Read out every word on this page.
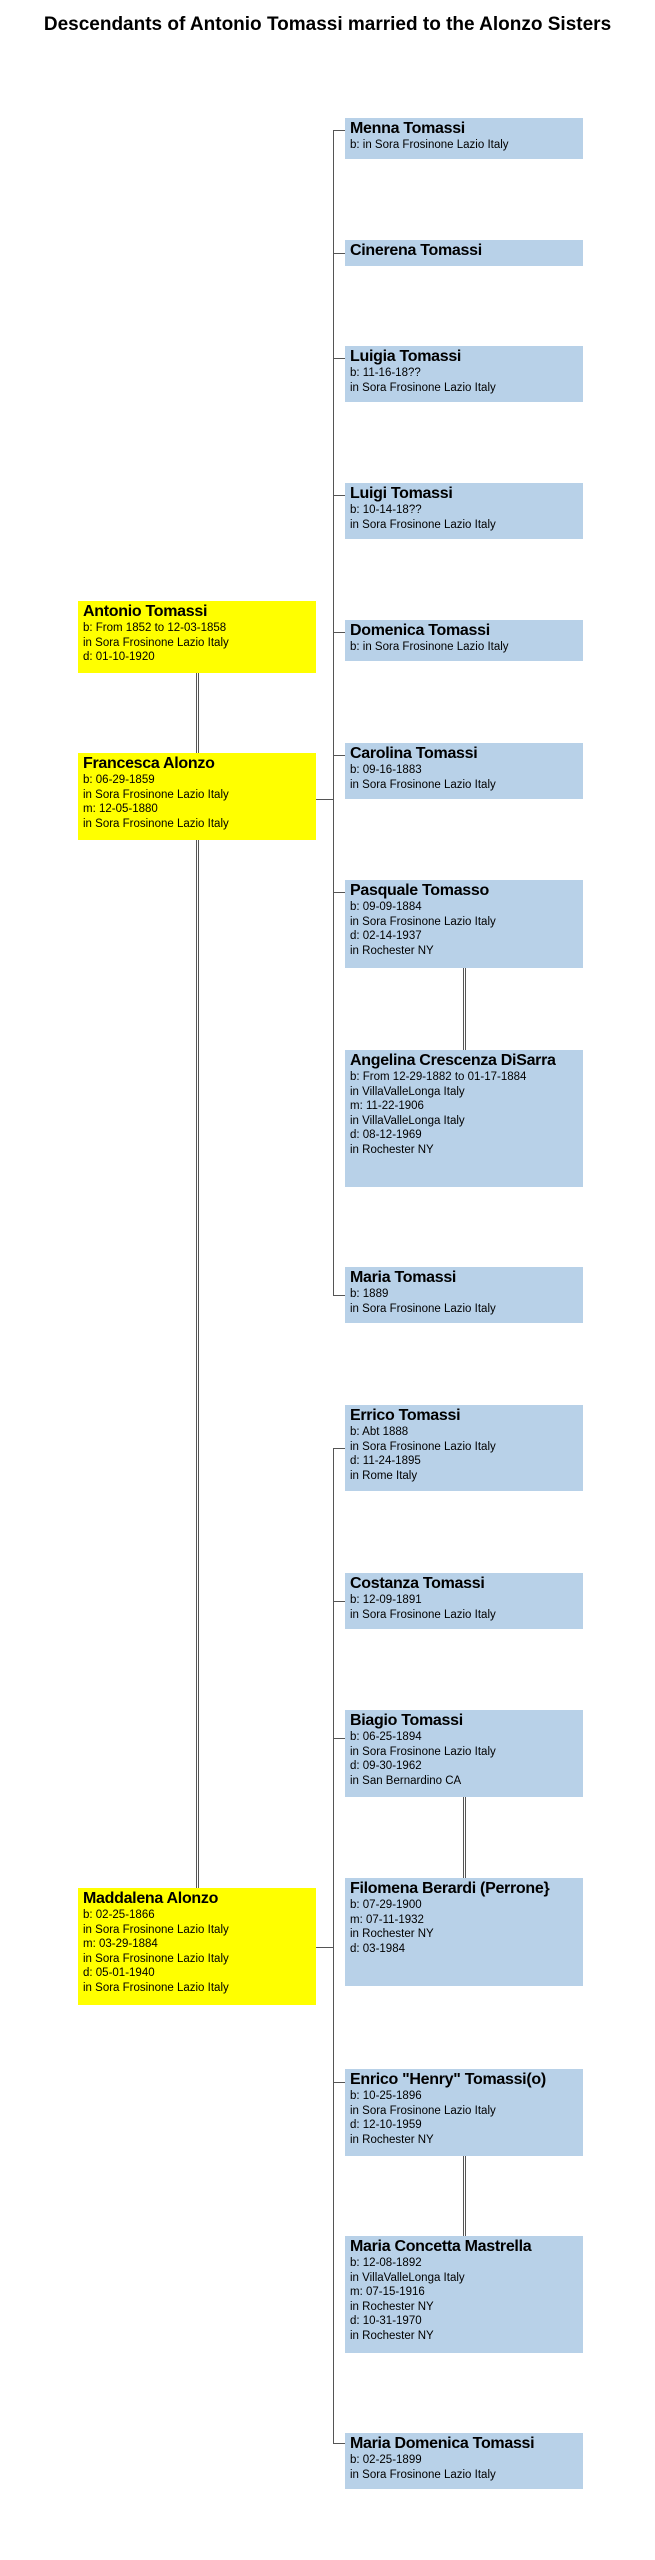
Descendants of Antonio Tomassi married to the Alonzo Sisters
Antonio Tomassi
b: From 1852 to 12-03-1858
in Sora Frosinone Lazio Italy
d: 01-10-1920
Francesca Alonzo
b: 06-29-1859
in Sora Frosinone Lazio Italy
m: 12-05-1880
in Sora Frosinone Lazio Italy
Maddalena Alonzo
b: 02-25-1866
in Sora Frosinone Lazio Italy
m: 03-29-1884
in Sora Frosinone Lazio Italy
d: 05-01-1940
in Sora Frosinone Lazio Italy
Menna Tomassi
b: in Sora Frosinone Lazio Italy
Cinerena Tomassi
Luigia Tomassi
b: 11-16-18??
in Sora Frosinone Lazio Italy
Luigi Tomassi
b: 10-14-18??
in Sora Frosinone Lazio Italy
Domenica Tomassi
b: in Sora Frosinone Lazio Italy
Carolina Tomassi
b: 09-16-1883
in Sora Frosinone Lazio Italy
Pasquale Tomasso
b: 09-09-1884
in Sora Frosinone Lazio Italy
d: 02-14-1937
in Rochester NY
Angelina Crescenza DiSarra
b: From 12-29-1882 to 01-17-1884
in VillaValleLonga Italy
m: 11-22-1906
in VillaValleLonga Italy
d: 08-12-1969
in Rochester NY
Maria Tomassi
b: 1889
in Sora Frosinone Lazio Italy
Errico Tomassi
b: Abt 1888
in Sora Frosinone Lazio Italy
d: 11-24-1895
in Rome Italy
Costanza Tomassi
b: 12-09-1891
in Sora Frosinone Lazio Italy
Biagio Tomassi
b: 06-25-1894
in Sora Frosinone Lazio Italy
d: 09-30-1962
in San Bernardino CA
Filomena Berardi (Perrone}
b: 07-29-1900
m: 07-11-1932
in Rochester NY
d: 03-1984
Enrico "Henry" Tomassi(o)
b: 10-25-1896
in Sora Frosinone Lazio Italy
d: 12-10-1959
in Rochester NY
Maria Concetta Mastrella
b: 12-08-1892
in VillaValleLonga Italy
m: 07-15-1916
in Rochester NY
d: 10-31-1970
in Rochester NY
Maria Domenica Tomassi
b: 02-25-1899
in Sora Frosinone Lazio Italy
